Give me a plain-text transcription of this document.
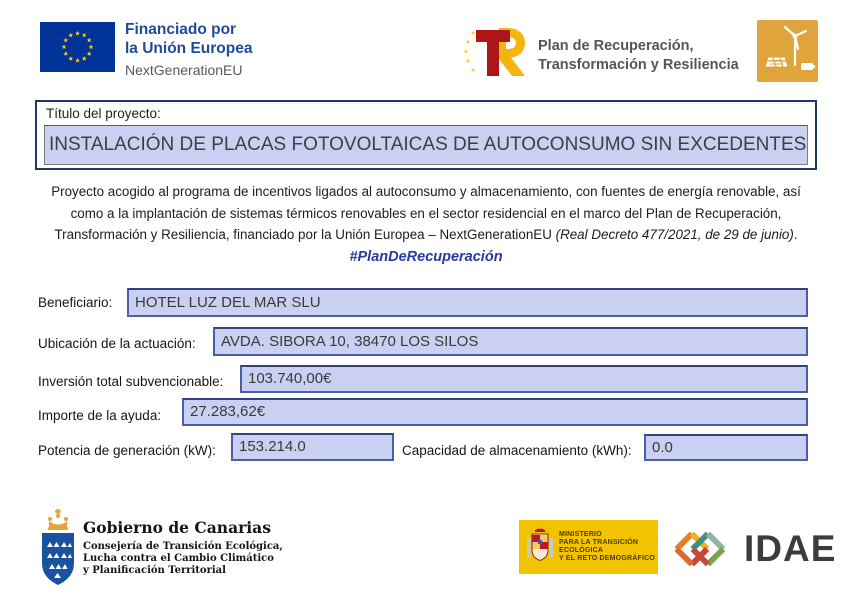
Financiado por
la Unión Europea
NextGenerationEU
Plan de Recuperación,
Transformación y Resiliencia
Título del proyecto:
INSTALACIÓN DE PLACAS FOTOVOLTAICAS DE AUTOCONSUMO SIN EXCEDENTES
Proyecto acogido al programa de incentivos ligados al autoconsumo y almacenamiento, con fuentes de energía renovable, así como a la implantación de sistemas térmicos renovables en el sector residencial en el marco del Plan de Recuperación, Transformación y Resiliencia, financiado por la Unión Europea – NextGenerationEU (Real Decreto 477/2021, de 29 de junio).
#PlanDeRecuperación
Beneficiario:	HOTEL LUZ DEL MAR SLU
Ubicación de la actuación:	AVDA. SIBORA 10, 38470 LOS SILOS
Inversión total subvencionable:	103.740,00€
Importe de la ayuda:	27.283,62€
Potencia de generación (kW):	153.214.0	Capacidad de almacenamiento (kWh):	0.0
Gobierno de Canarias
Consejería de Transición Ecológica,
Lucha contra el Cambio Climático
y Planificación Territorial
MINISTERIO
PARA LA TRANSICIÓN ECOLÓGICA
Y EL RETO DEMOGRÁFICO IDAE
